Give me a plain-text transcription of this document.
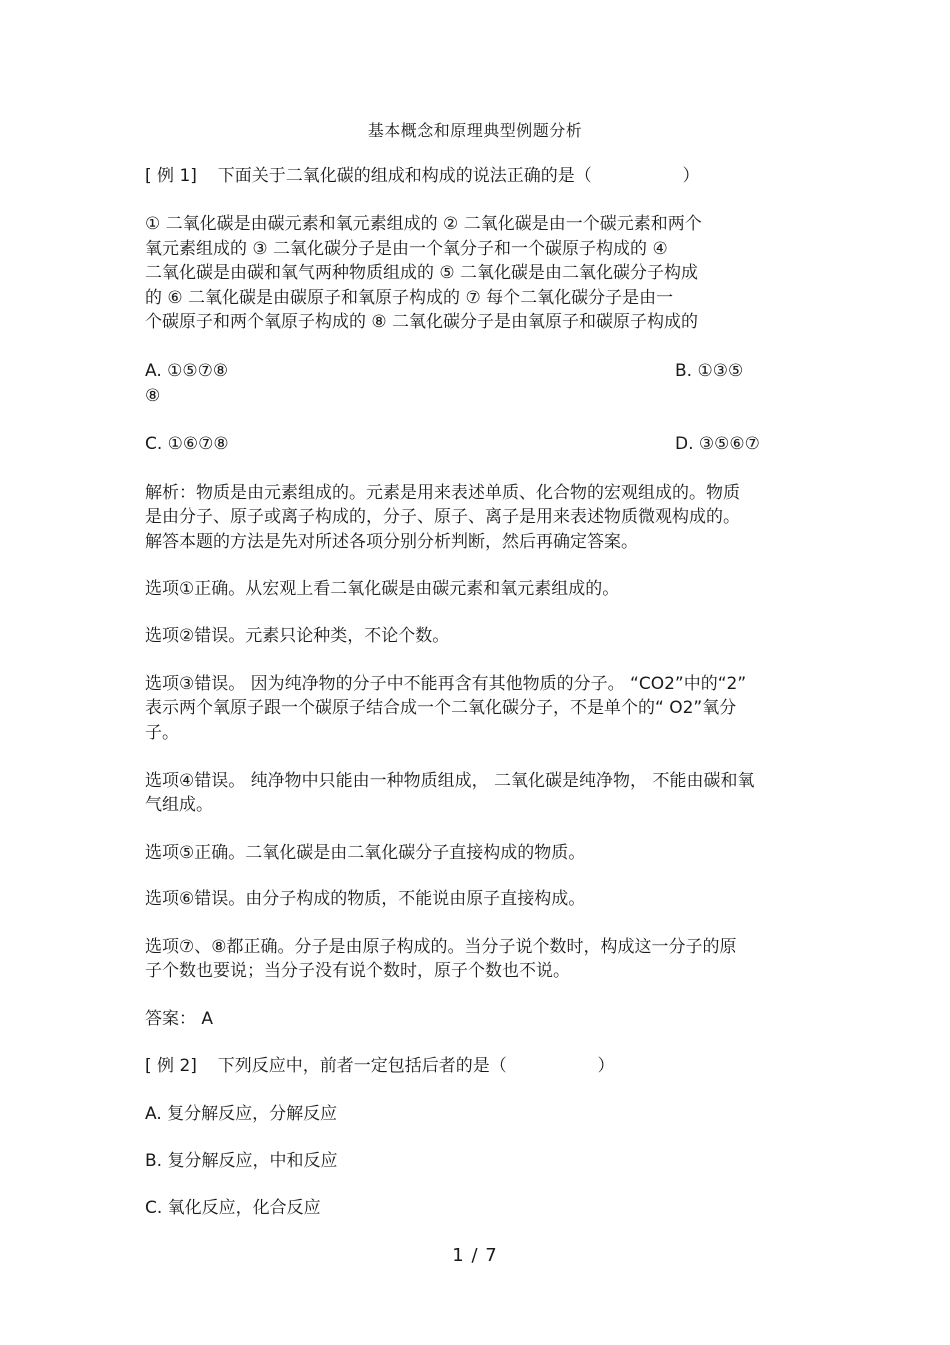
基本概念和原理典型例题分析
[ 例 1] 下面关于二氧化碳的组成和构成的说法正确的是（	）
① 二氧化碳是由碳元素和氧元素组成的 ② 二氧化碳是由一个碳元素和两个
氧元素组成的 ③ 二氧化碳分子是由一个氧分子和一个碳原子构成的 ④
二氧化碳是由碳和氧气两种物质组成的 ⑤ 二氧化碳是由二氧化碳分子构成
的 ⑥ 二氧化碳是由碳原子和氧原子构成的 ⑦ 每个二氧化碳分子是由一
个碳原子和两个氧原子构成的 ⑧ 二氧化碳分子是由氧原子和碳原子构成的
A. ①⑤⑦⑧	B. ①③⑤
⑧
C. ①⑥⑦⑧	D. ③⑤⑥⑦
解析：物质是由元素组成的。元素是用来表述单质、化合物的宏观组成的。物质
是由分子、原子或离子构成的，分子、原子、离子是用来表述物质微观构成的。
解答本题的方法是先对所述各项分别分析判断，然后再确定答案。
选项①正确。从宏观上看二氧化碳是由碳元素和氧元素组成的。
选项②错误。元素只论种类，不论个数。
选项③错误。 因为纯净物的分子中不能再含有其他物质的分子。 “CO2”中的“2”
表示两个氧原子跟一个碳原子结合成一个二氧化碳分子，不是单个的“ O2”氧分
子。
选项④错误。 纯净物中只能由一种物质组成， 二氧化碳是纯净物， 不能由碳和氧
气组成。
选项⑤正确。二氧化碳是由二氧化碳分子直接构成的物质。
选项⑥错误。由分子构成的物质，不能说由原子直接构成。
选项⑦、⑧都正确。分子是由原子构成的。当分子说个数时，构成这一分子的原
子个数也要说；当分子没有说个数时，原子个数也不说。
答案： A
[ 例 2] 下列反应中，前者一定包括后者的是（	）
A. 复分解反应，分解反应
B. 复分解反应，中和反应
C. 氧化反应，化合反应
1 / 7
